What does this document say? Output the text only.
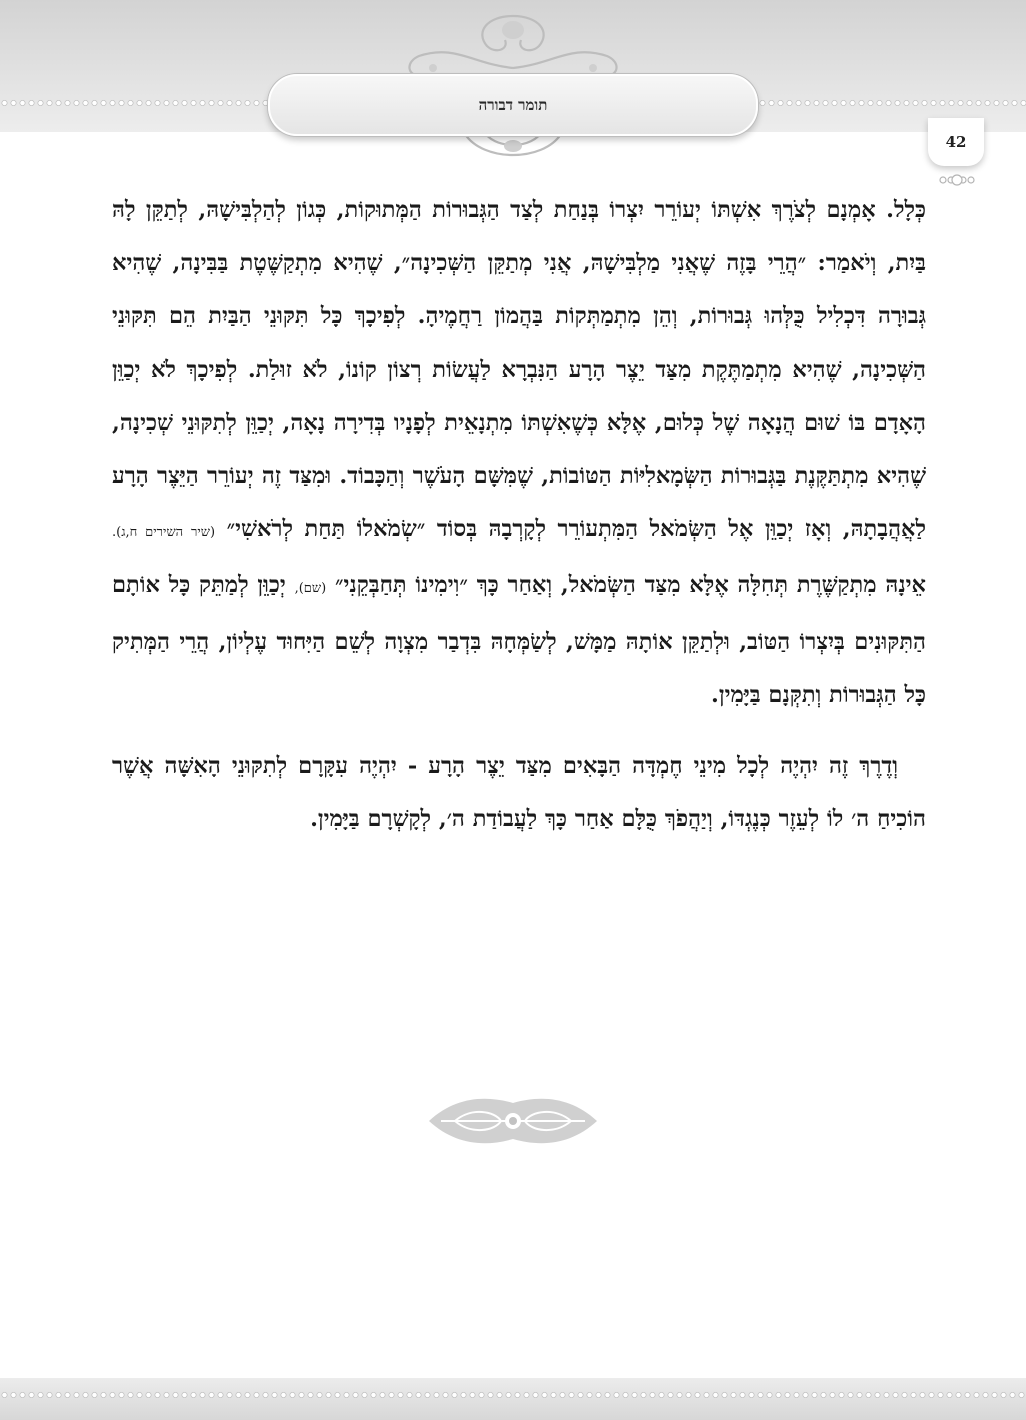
תומר דבורה
42

כְּלָל. אָמְנָם לְצֹרֶךְ אִשְׁתּוֹ יְעוֹרֵר יִצְרוֹ בְּנַחַת לְצַד הַגְּבוּרוֹת הַמְּתוּקוֹת, כְּגוֹן לְהַלְבִּישָׁהּ, לְתַקֵּן לָהּ בַּיִת, וְיֹאמַר: ״הֲרֵי בָּזֶה שֶׁאֲנִי מַלְבִּישָׁהּ, אֲנִי מְתַקֵּן הַשְּׁכִינָה״, שֶׁהִיא מִתְקַשֶּׁטֶת בַּבִּינָה, שֶׁהִיא גְּבוּרָה דִּכְלִיל כֻּלְּהוּ גְּבוּרוֹת, וְהֵן מִתְמַתְּקוֹת בַּהֲמוֹן רַחֲמֶיהָ. לְפִיכָךְ כָּל תִּקּוּנֵי הַבַּיִת הֵם תִּקּוּנֵי הַשְּׁכִינָה, שֶׁהִיא מִתְמַתֶּקֶת מִצַּד יֵצֶר הָרָע הַנִּבְרָא לַעֲשׂוֹת רְצוֹן קוֹנוֹ, לֹא זוּלַת. לְפִיכָךְ לֹא יְכַוֵּן הָאָדָם בּוֹ שׁוּם הֲנָאָה שֶׁל כְּלוּם, אֶלָּא כְּשֶׁאִשְׁתּוֹ מִתְנָאֵית לְפָנָיו בְּדִירָה נָאָה, יְכַוֵּן לְתִקּוּנֵי שְׁכִינָה, שֶׁהִיא מִתְתַּקֶּנֶת בַּגְּבוּרוֹת הַשְּׂמָאלִיּוֹת הַטּוֹבוֹת, שֶׁמִּשָּׁם הָעֹשֶׁר וְהַכָּבוֹד. וּמִצַּד זֶה יְעוֹרֵר הַיֵּצֶר הָרָע לַאֲהֲבָתָהּ, וְאָז יְכַוֵּן אֶל הַשְּׂמֹאל הַמִּתְעוֹרֵר לְקָרְבָהּ בְּסוֹד ״שְׂמֹאלוֹ תַּחַת לְרֹאשִׁי״ (שיר השירים ח,ג). אֵינָהּ מִתְקַשֶּׁרֶת תְּחִלָּה אֶלָּא מִצַּד הַשְּׂמֹאל, וְאַחַר כָּךְ ״וִימִינוֹ תְּחַבְּקֵנִי״ (שם), יְכַוֵּן לְמַתֵּק כָּל אוֹתָם הַתִּקּוּנִים בְּיִצְרוֹ הַטּוֹב, וּלְתַקֵּן אוֹתָהּ מַמָּשׁ, לְשַׂמְּחָהּ בִּדְבַר מִצְוָה לְשֵׁם הַיִּחוּד עֶלְיוֹן, הֲרֵי הַמְּתִיק כָּל הַגְּבוּרוֹת וְתִקְּנָם בַּיָּמִין.

וְדֶרֶךְ זֶה יִהְיֶה לְכָל מִינֵי חֶמְדָּה הַבָּאִים מִצַּד יֵצֶר הָרָע - יִהְיֶה עִקָּרָם לְתִקּוּנֵי הָאִשָּׁה אֲשֶׁר הוֹכִיחַ ה׳ לוֹ לְעֵזֶר כְּנֶגְדּוֹ, וְיַהֲפֹךְ כֻּלָּם אַחַר כָּךְ לַעֲבוֹדַת ה׳, לְקָשְׁרָם בַּיָּמִין.
